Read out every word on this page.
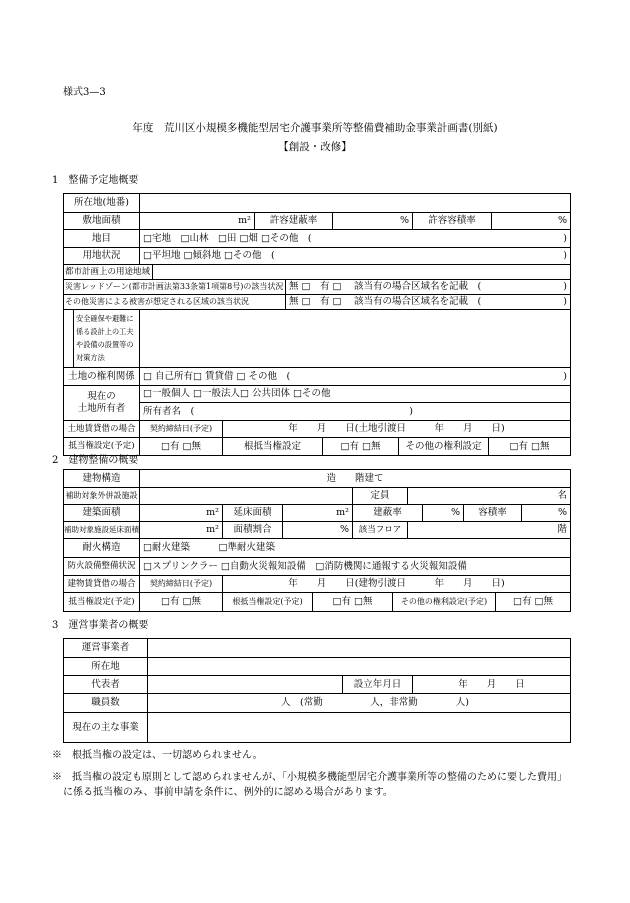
様式3—3
年度　荒川区小規模多機能型居宅介護事業所等整備費補助金事業計画書(別紙)
【創設・改修】
1　整備予定地概要
所在地(地番)
敷地面積	m²	許容建蔽率	%	許容容積率	%
地目	□宅地　□山林　□田 □畑 □その他　(	)
用地状況	□平坦地 □傾斜地 □その他　(	)
都市計画上の用途地域
災害レッドゾーン(都市計画法第33条第1項第8号)の該当状況 無 □　有 □　 該当有の場合区域名を記載　(	)
その他災害による被害が想定される区域の該当状況	無 □　有 □　 該当有の場合区域名を記載　(	)
安全確保や避難に係る設計上の工夫や設備の設置等の対策方法
土地の権利関係 □ 自己所有□ 賃貸借 □ その他　(	)
現在の
土地所有者
□一般個人 □一般法人□ 公共団体 □その他
所有者名　(	)
土地賃貸借の場合	契約締結日(予定)	年　　月　　日(土地引渡日　　　年　　月　　日)
抵当権設定(予定)	□有 □無	根抵当権設定	□有 □無	その他の権利設定	□有 □無
2　建物整備の概要
建物構造	造　　階建て
補助対象外併設施設	定員	名
建築面積	m²	延床面積	m²	建蔽率	%	容積率	%
補助対象施設延床面積	m²	面積割合	%	該当フロア	階
耐火構造	□耐火建築　　　□準耐火建築
防火設備整備状況 □スプリンクラー □自動火災報知設備　□消防機関に通報する火災報知設備
建物賃貸借の場合	契約締結日(予定)	年　　月　　日(建物引渡日　　　年　　月　　日)
抵当権設定(予定)	□有 □無	根抵当権設定(予定)	□有 □無	その他の権利設定(予定)	□有 □無
3　運営事業者の概要
運営事業者
所在地
代表者	設立年月日	年　　月　　日
職員数	人　(常勤　　　　　人，非常勤　　　　人)
現在の主な事業
※　根抵当権の設定は、一切認められません。
※　抵当権の設定も原則として認められませんが、「小規模多機能型居宅介護事業所等の整備のために要した費用」
に係る抵当権のみ、事前申請を条件に、例外的に認める場合があります。
